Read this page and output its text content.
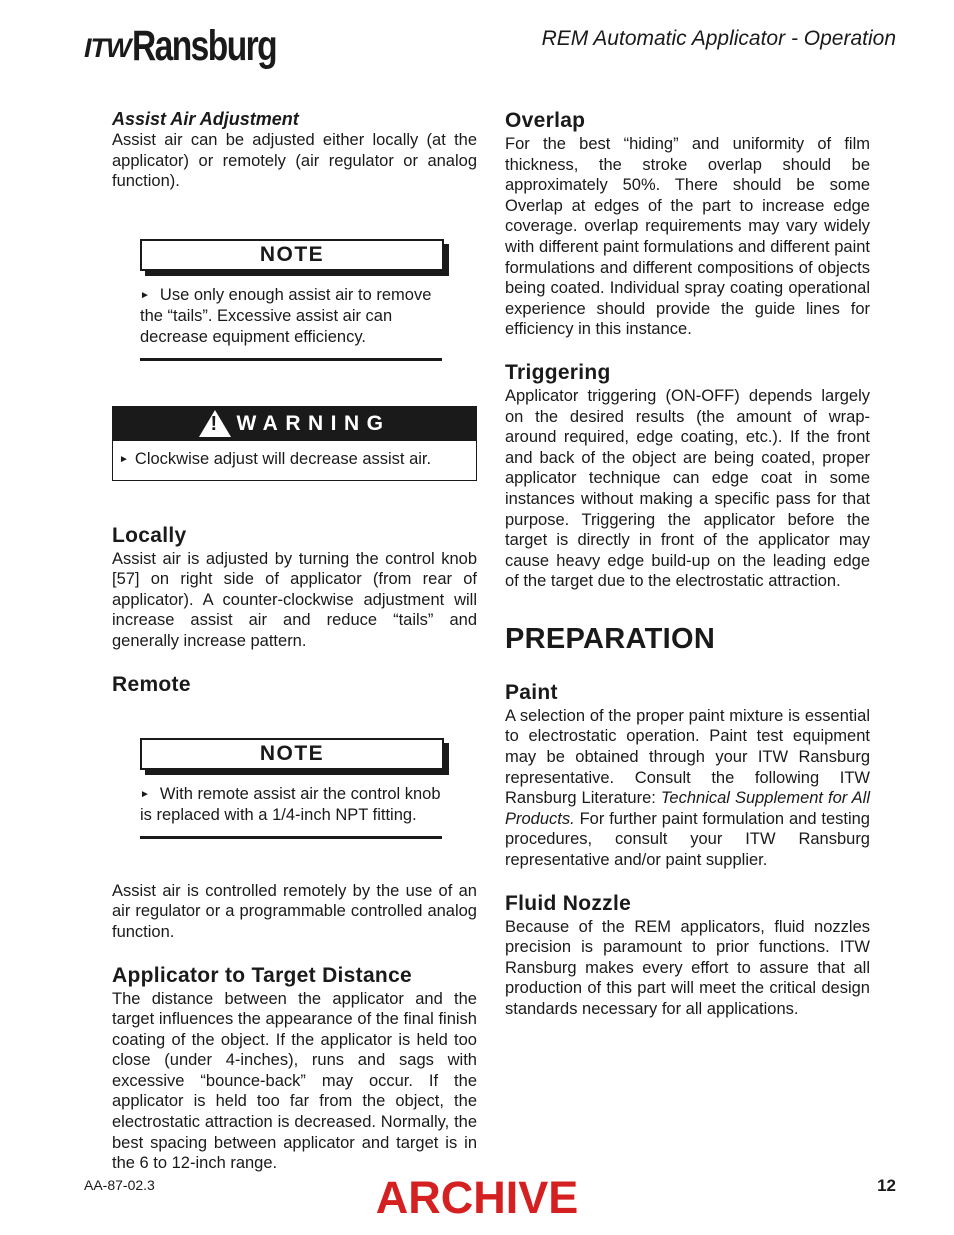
ITW Ransburg	REM Automatic Applicator - Operation
Assist Air Adjustment

Assist air can be adjusted either locally (at the applicator) or remotely (air regulator or analog function).

NOTE
► Use only enough assist air to remove the “tails”. Excessive assist air can decrease equipment efficiency.
! WARNING
► Clockwise adjust will decrease assist air.
Locally

Assist air is adjusted by turning the control knob [57] on right side of applicator (from rear of applicator). A counter-clockwise adjustment will increase assist air and reduce “tails” and generally increase pattern.

Remote
NOTE
► With remote assist air the control knob is replaced with a 1/4-inch NPT fitting.

Assist air is controlled remotely by the use of an air regulator or a programmable controlled analog function.

Applicator to Target Distance

The distance between the applicator and the target influences the appearance of the final finish coating of the object. If the applicator is held too close (under 4-inches), runs and sags with excessive “bounce-back” may occur. If the applicator is held too far from the object, the electrostatic attraction is decreased. Normally, the best spacing between applicator and target is in the 6 to 12-inch range.

Overlap

For the best “hiding” and uniformity of film thickness, the stroke overlap should be approximately 50%. There should be some Overlap at edges of the part to increase edge coverage. overlap requirements may vary widely with different paint formulations and different paint formulations and different compositions of objects being coated. Individual spray coating operational experience should provide the guide lines for efficiency in this instance.

Triggering

Applicator triggering (ON-OFF) depends largely on the desired results (the amount of wrap-around required, edge coating, etc.). If the front and back of the object are being coated, proper applicator technique can edge coat in some instances without making a specific pass for that purpose. Triggering the applicator before the target is directly in front of the applicator may cause heavy edge build-up on the leading edge of the target due to the electrostatic attraction.

PREPARATION
Paint

A selection of the proper paint mixture is essential to electrostatic operation. Paint test equipment may be obtained through your ITW Ransburg representative. Consult the following ITW Ransburg Literature: Technical Supplement for All Products. For further paint formulation and testing procedures, consult your ITW Ransburg representative and/or paint supplier.

Fluid Nozzle

Because of the REM applicators, fluid nozzles precision is paramount to prior functions. ITW Ransburg makes every effort to assure that all production of this part will meet the critical design standards necessary for all applications.

AA-87-02.3	ARCHIVE	12
